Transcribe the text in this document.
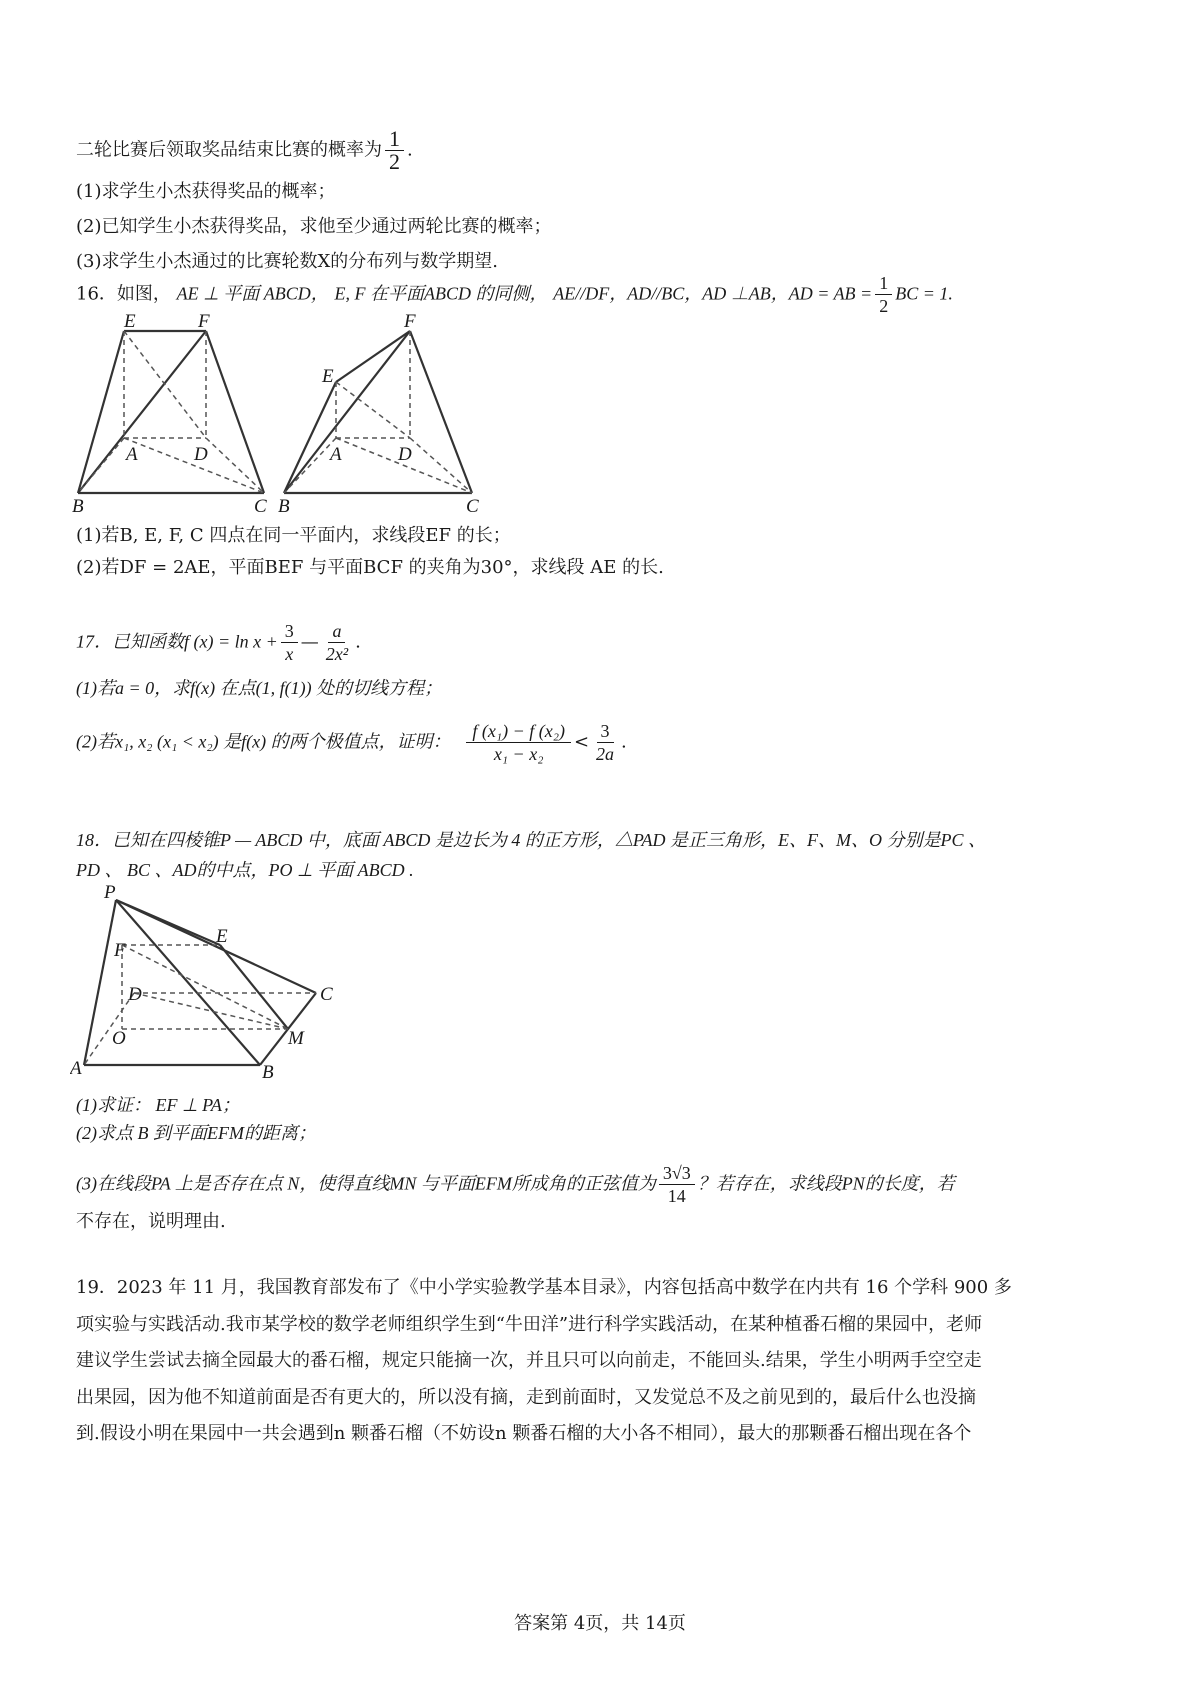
二轮比赛后领取奖品结束比赛的概率为 $\frac{1}{2}$ .
(1)求学生小杰获得奖品的概率；
(2)已知学生小杰获得奖品，求他至少通过两轮比赛的概率；
(3)求学生小杰通过的比赛轮数X的分布列与数学期望.
16．如图， AE ⊥ 平面 ABCD， E, F 在平面ABCD 的同侧， AE//DF，AD//BC，AD ⊥AB，AD = AB = $\frac{1}{2}$ BC = 1.
E	F
A	D
B	C
E
F
A	D
B	C
(1)若B, E, F, C 四点在同一平面内，求线段EF 的长；
(2)若DF = 2AE，平面BEF 与平面BCF 的夹角为30°，求线段 AE 的长.
17．已知函数f $(x) = \ln x + \frac{3}{x}$ — $\frac{a}{\text{2x²}}$ .
(1)若a = 0，求f(x) 在点(1, f(1)) 处的切线方程；
(2)若x₁, x₂ (x₁ < x₂) 是f(x) 的两个极值点，证明： $\frac{\text{f (x₁) − f (x₂)}}{\text{x₁ − x₂}} < \frac{3}{2a}$ .
18．已知在四棱锥P — ABCD 中，底面 ABCD 是边长为 4 的正方形，△PAD 是正三角形，E、F、M、O 分别是PC 、
PD 、 BC 、AD的中点，PO ⊥ 平面 ABCD .
P
E
F
D	C
O	M
A	B
(1)求证： EF ⊥ PA；
(2)求点 B 到平面EFM的距离；
(3)在线段PA 上是否存在点 N，使得直线MN 与平面EFM所成角的正弦值为 $\frac{3√3}{14}$ ？若存在，求线段PN的长度，若
不存在，说明理由.
19．2023 年 11 月，我国教育部发布了《中小学实验教学基本目录》，内容包括高中数学在内共有 16 个学科 900 多
项实验与实践活动.我市某学校的数学老师组织学生到“牛田洋”进行科学实践活动，在某种植番石榴的果园中，老师
建议学生尝试去摘全园最大的番石榴，规定只能摘一次，并且只可以向前走，不能回头.结果，学生小明两手空空走
出果园，因为他不知道前面是否有更大的，所以没有摘，走到前面时，又发觉总不及之前见到的，最后什么也没摘
到.假设小明在果园中一共会遇到n 颗番石榴（不妨设n 颗番石榴的大小各不相同），最大的那颗番石榴出现在各个
答案第 4页，共 14页
